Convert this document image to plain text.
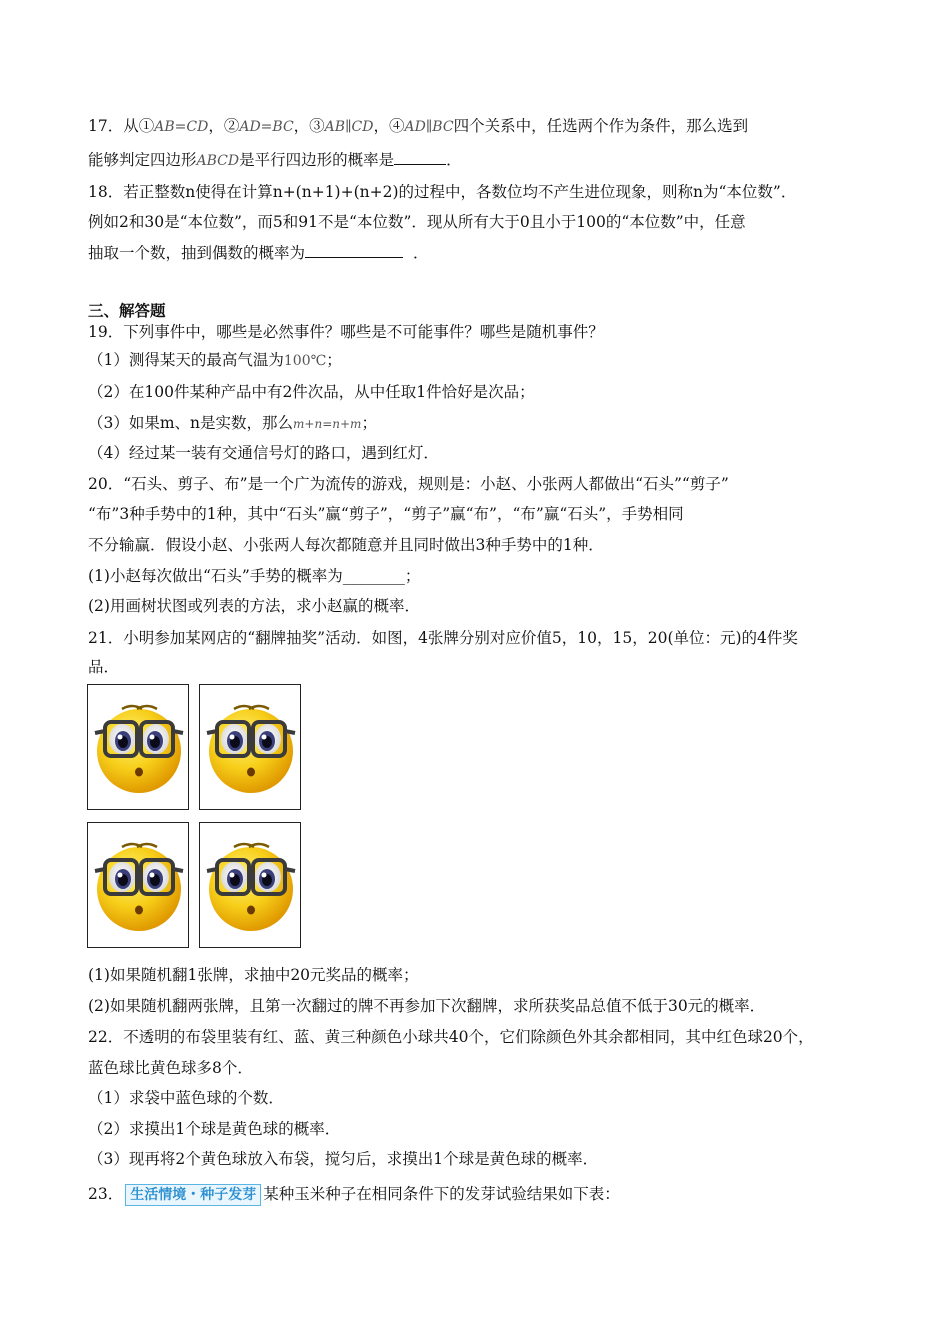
17．从①AB=CD，②AD=BC，③AB∥CD，④AD∥BC四个关系中，任选两个作为条件，那么选到
能够判定四边形ABCD是平行四边形的概率是	．
18．若正整数n使得在计算n+(n+1)+(n+2)的过程中，各数位均不产生进位现象，则称n为“本位数”．
例如2和30是“本位数”，而5和91不是“本位数”．现从所有大于0且小于100的“本位数”中，任意
抽取一个数，抽到偶数的概率为	．
三、解答题
19．下列事件中，哪些是必然事件？哪些是不可能事件？哪些是随机事件？
（1）测得某天的最高气温为100℃；
（2）在100件某种产品中有2件次品，从中任取1件恰好是次品；
（3）如果m、n是实数，那么m+n=n+m；
（4）经过某一装有交通信号灯的路口，遇到红灯．
20．“石头、剪子、布”是一个广为流传的游戏，规则是：小赵、小张两人都做出“石头”“剪子”
“布”3种手势中的1种，其中“石头”赢“剪子”，“剪子”赢“布”，“布”赢“石头”，手势相同
不分输赢．假设小赵、小张两人每次都随意并且同时做出3种手势中的1种．
(1)小赵每次做出“石头”手势的概率为________；
(2)用画树状图或列表的方法，求小赵赢的概率．
21．小明参加某网店的“翻牌抽奖”活动．如图，4张牌分别对应价值5，10，15，20(单位：元)的4件奖
品．
(1)如果随机翻1张牌，求抽中20元奖品的概率；
(2)如果随机翻两张牌，且第一次翻过的牌不再参加下次翻牌，求所获奖品总值不低于30元的概率．
22．不透明的布袋里装有红、蓝、黄三种颜色小球共40个，它们除颜色外其余都相同，其中红色球20个，
蓝色球比黄色球多8个．
（1）求袋中蓝色球的个数．
（2）求摸出1个球是黄色球的概率．
（3）现再将2个黄色球放入布袋，搅匀后，求摸出1个球是黄色球的概率．
23． 生活情境・种子发芽 某种玉米种子在相同条件下的发芽试验结果如下表：
